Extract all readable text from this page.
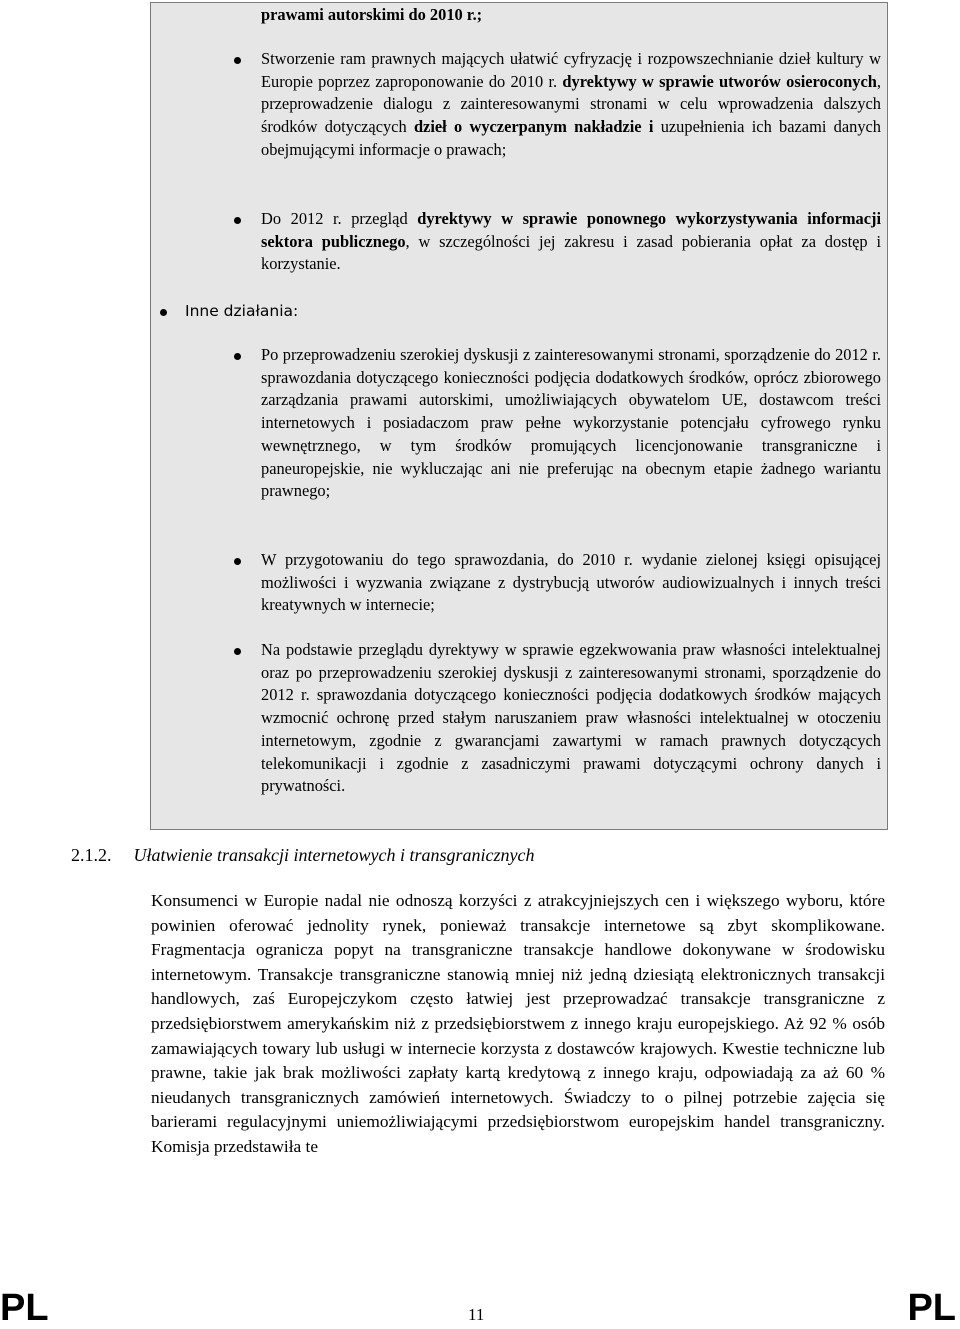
prawami autorskimi do 2010 r.;

Stworzenie ram prawnych mających ułatwić cyfryzację i rozpowszechnianie dzieł kultury w Europie poprzez zaproponowanie do 2010 r. dyrektywy w sprawie utworów osieroconych, przeprowadzenie dialogu z zainteresowanymi stronami w celu wprowadzenia dalszych środków dotyczących dzieł o wyczerpanym nakładzie i uzupełnienia ich bazami danych obejmującymi informacje o prawach;

Do 2012 r. przegląd dyrektywy w sprawie ponownego wykorzystywania informacji sektora publicznego, w szczególności jej zakresu i zasad pobierania opłat za dostęp i korzystanie.

Inne działania:

Po przeprowadzeniu szerokiej dyskusji z zainteresowanymi stronami, sporządzenie do 2012 r. sprawozdania dotyczącego konieczności podjęcia dodatkowych środków, oprócz zbiorowego zarządzania prawami autorskimi, umożliwiających obywatelom UE, dostawcom treści internetowych i posiadaczom praw pełne wykorzystanie potencjału cyfrowego rynku wewnętrznego, w tym środków promujących licencjonowanie transgraniczne i paneuropejskie, nie wykluczając ani nie preferując na obecnym etapie żadnego wariantu prawnego;

W przygotowaniu do tego sprawozdania, do 2010 r. wydanie zielonej księgi opisującej możliwości i wyzwania związane z dystrybucją utworów audiowizualnych i innych treści kreatywnych w internecie;

Na podstawie przeglądu dyrektywy w sprawie egzekwowania praw własności intelektualnej oraz po przeprowadzeniu szerokiej dyskusji z zainteresowanymi stronami, sporządzenie do 2012 r. sprawozdania dotyczącego konieczności podjęcia dodatkowych środków mających wzmocnić ochronę przed stałym naruszaniem praw własności intelektualnej w otoczeniu internetowym, zgodnie z gwarancjami zawartymi w ramach prawnych dotyczących telekomunikacji i zgodnie z zasadniczymi prawami dotyczącymi ochrony danych i prywatności.

2.1.2. Ułatwienie transakcji internetowych i transgranicznych

Konsumenci w Europie nadal nie odnoszą korzyści z atrakcyjniejszych cen i większego wyboru, które powinien oferować jednolity rynek, ponieważ transakcje internetowe są zbyt skomplikowane. Fragmentacja ogranicza popyt na transgraniczne transakcje handlowe dokonywane w środowisku internetowym. Transakcje transgraniczne stanowią mniej niż jedną dziesiątą elektronicznych transakcji handlowych, zaś Europejczykom często łatwiej jest przeprowadzać transakcje transgraniczne z przedsiębiorstwem amerykańskim niż z przedsiębiorstwem z innego kraju europejskiego. Aż 92 % osób zamawiających towary lub usługi w internecie korzysta z dostawców krajowych. Kwestie techniczne lub prawne, takie jak brak możliwości zapłaty kartą kredytową z innego kraju, odpowiadają za aż 60 % nieudanych transgranicznych zamówień internetowych. Świadczy to o pilnej potrzebie zajęcia się barierami regulacyjnymi uniemożliwiającymi przedsiębiorstwom europejskim handel transgraniczny. Komisja przedstawiła te

PL	11	PL
